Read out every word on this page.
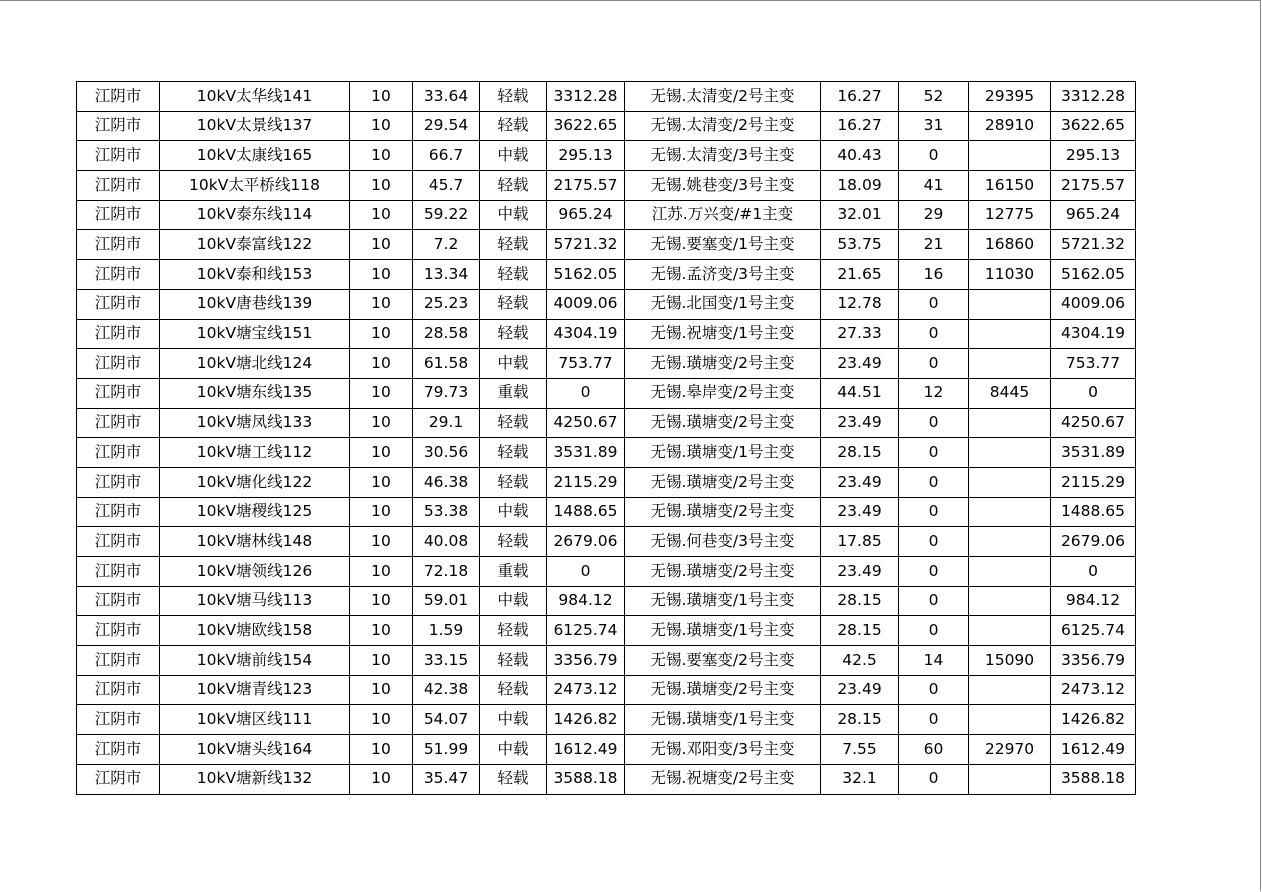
江阴市	10kV太华线141	10	33.64	轻载	3312.28	无锡.太清变/2号主变	16.27	52	29395	3312.28
江阴市	10kV太景线137	10	29.54	轻载	3622.65	无锡.太清变/2号主变	16.27	31	28910	3622.65
江阴市	10kV太康线165	10	66.7	中载	295.13	无锡.太清变/3号主变	40.43	0		295.13
江阴市	10kV太平桥线118	10	45.7	轻载	2175.57	无锡.姚巷变/3号主变	18.09	41	16150	2175.57
江阴市	10kV泰东线114	10	59.22	中载	965.24	江苏.万兴变/#1主变	32.01	29	12775	965.24
江阴市	10kV泰富线122	10	7.2	轻载	5721.32	无锡.要塞变/1号主变	53.75	21	16860	5721.32
江阴市	10kV泰和线153	10	13.34	轻载	5162.05	无锡.孟济变/3号主变	21.65	16	11030	5162.05
江阴市	10kV唐巷线139	10	25.23	轻载	4009.06	无锡.北国变/1号主变	12.78	0		4009.06
江阴市	10kV塘宝线151	10	28.58	轻载	4304.19	无锡.祝塘变/1号主变	27.33	0		4304.19
江阴市	10kV塘北线124	10	61.58	中载	753.77	无锡.璜塘变/2号主变	23.49	0		753.77
江阴市	10kV塘东线135	10	79.73	重载	0	无锡.皋岸变/2号主变	44.51	12	8445	0
江阴市	10kV塘凤线133	10	29.1	轻载	4250.67	无锡.璜塘变/2号主变	23.49	0		4250.67
江阴市	10kV塘工线112	10	30.56	轻载	3531.89	无锡.璜塘变/1号主变	28.15	0		3531.89
江阴市	10kV塘化线122	10	46.38	轻载	2115.29	无锡.璜塘变/2号主变	23.49	0		2115.29
江阴市	10kV塘稷线125	10	53.38	中载	1488.65	无锡.璜塘变/2号主变	23.49	0		1488.65
江阴市	10kV塘林线148	10	40.08	轻载	2679.06	无锡.何巷变/3号主变	17.85	0		2679.06
江阴市	10kV塘领线126	10	72.18	重载	0	无锡.璜塘变/2号主变	23.49	0		0
江阴市	10kV塘马线113	10	59.01	中载	984.12	无锡.璜塘变/1号主变	28.15	0		984.12
江阴市	10kV塘欧线158	10	1.59	轻载	6125.74	无锡.璜塘变/1号主变	28.15	0		6125.74
江阴市	10kV塘前线154	10	33.15	轻载	3356.79	无锡.要塞变/2号主变	42.5	14	15090	3356.79
江阴市	10kV塘青线123	10	42.38	轻载	2473.12	无锡.璜塘变/2号主变	23.49	0		2473.12
江阴市	10kV塘区线111	10	54.07	中载	1426.82	无锡.璜塘变/1号主变	28.15	0		1426.82
江阴市	10kV塘头线164	10	51.99	中载	1612.49	无锡.邓阳变/3号主变	7.55	60	22970	1612.49
江阴市	10kV塘新线132	10	35.47	轻载	3588.18	无锡.祝塘变/2号主变	32.1	0		3588.18
